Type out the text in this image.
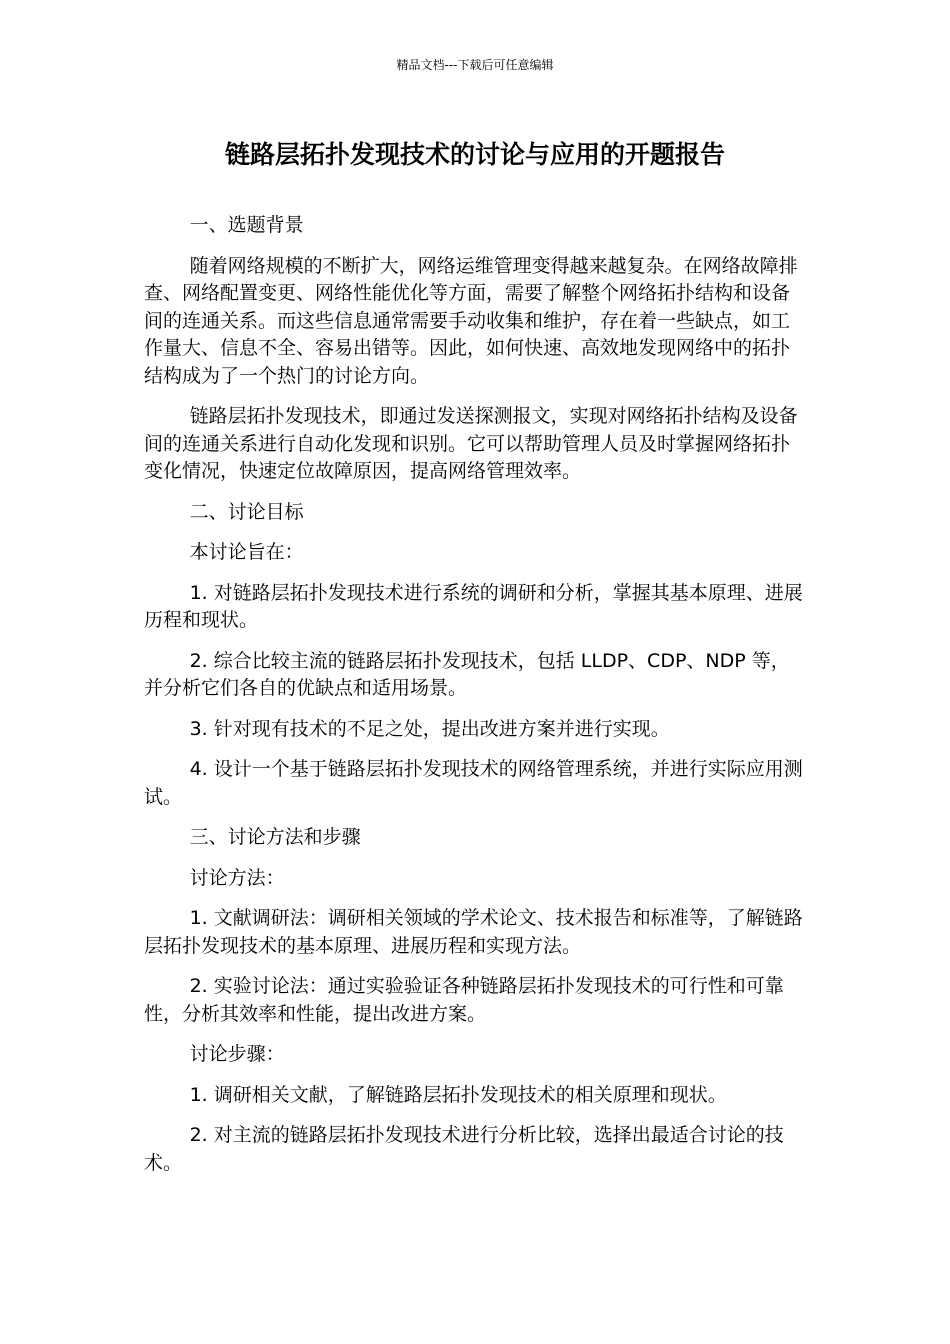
精品文档---下载后可任意编辑
链路层拓扑发现技术的讨论与应用的开题报告

一、选题背景

随着网络规模的不断扩大，网络运维管理变得越来越复杂。在网络故障排查、网络配置变更、网络性能优化等方面，需要了解整个网络拓扑结构和设备间的连通关系。而这些信息通常需要手动收集和维护，存在着一些缺点，如工作量大、信息不全、容易出错等。因此，如何快速、高效地发现网络中的拓扑结构成为了一个热门的讨论方向。

链路层拓扑发现技术，即通过发送探测报文，实现对网络拓扑结构及设备间的连通关系进行自动化发现和识别。它可以帮助管理人员及时掌握网络拓扑变化情况，快速定位故障原因，提高网络管理效率。

二、讨论目标

本讨论旨在：

1. 对链路层拓扑发现技术进行系统的调研和分析，掌握其基本原理、进展历程和现状。

2. 综合比较主流的链路层拓扑发现技术，包括 LLDP、CDP、NDP 等，并分析它们各自的优缺点和适用场景。

3. 针对现有技术的不足之处，提出改进方案并进行实现。

4. 设计一个基于链路层拓扑发现技术的网络管理系统，并进行实际应用测试。

三、讨论方法和步骤

讨论方法：

1. 文献调研法：调研相关领域的学术论文、技术报告和标准等，了解链路层拓扑发现技术的基本原理、进展历程和实现方法。

2. 实验讨论法：通过实验验证各种链路层拓扑发现技术的可行性和可靠性，分析其效率和性能，提出改进方案。

讨论步骤：

1. 调研相关文献，了解链路层拓扑发现技术的相关原理和现状。

2. 对主流的链路层拓扑发现技术进行分析比较，选择出最适合讨论的技术。
